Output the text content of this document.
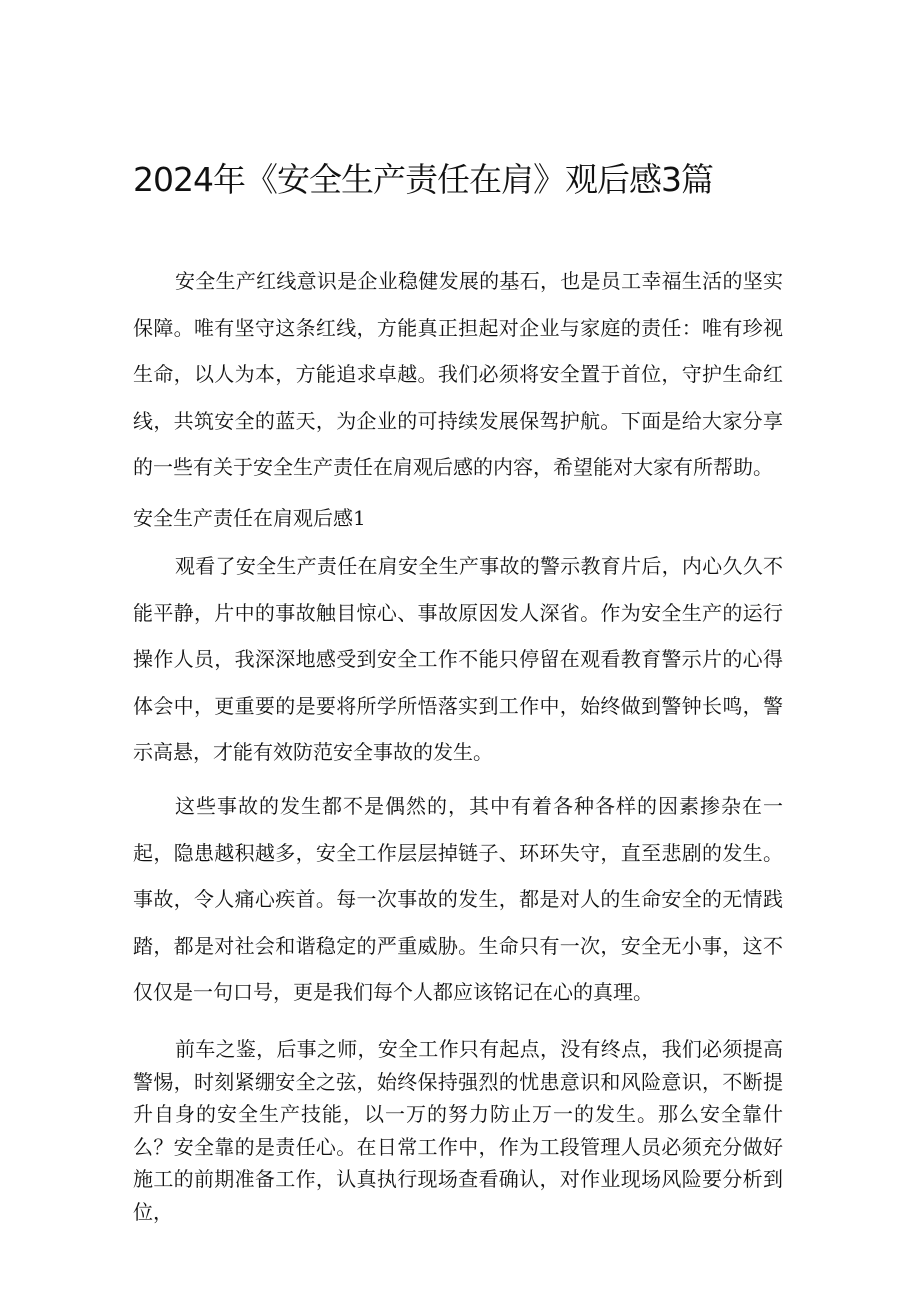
2024年《安全生产责任在肩》观后感3篇

安全生产红线意识是企业稳健发展的基石，也是员工幸福生活的坚实保障。唯有坚守这条红线，方能真正担起对企业与家庭的责任：唯有珍视生命，以人为本，方能追求卓越。我们必须将安全置于首位，守护生命红线，共筑安全的蓝天，为企业的可持续发展保驾护航。下面是给大家分享的一些有关于安全生产责任在肩观后感的内容，希望能对大家有所帮助。

安全生产责任在肩观后感1

观看了安全生产责任在肩安全生产事故的警示教育片后，内心久久不能平静，片中的事故触目惊心、事故原因发人深省。作为安全生产的运行操作人员，我深深地感受到安全工作不能只停留在观看教育警示片的心得体会中，更重要的是要将所学所悟落实到工作中，始终做到警钟长鸣，警示高悬，才能有效防范安全事故的发生。

这些事故的发生都不是偶然的，其中有着各种各样的因素掺杂在一起，隐患越积越多，安全工作层层掉链子、环环失守，直至悲剧的发生。事故，令人痛心疾首。每一次事故的发生，都是对人的生命安全的无情践踏，都是对社会和谐稳定的严重威胁。生命只有一次，安全无小事，这不仅仅是一句口号，更是我们每个人都应该铭记在心的真理。

前车之鉴，后事之师，安全工作只有起点，没有终点，我们必须提高警惕，时刻紧绷安全之弦，始终保持强烈的忧患意识和风险意识，不断提升自身的安全生产技能，以一万的努力防止万一的发生。那么安全靠什么？安全靠的是责任心。在日常工作中，作为工段管理人员必须充分做好施工的前期准备工作，认真执行现场查看确认，对作业现场风险要分析到位，
